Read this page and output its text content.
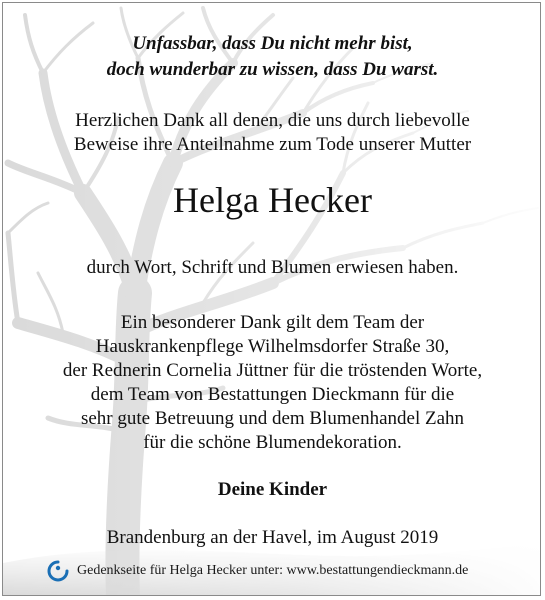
Unfassbar, dass Du nicht mehr bist,
doch wunderbar zu wissen, dass Du warst.
Herzlichen Dank all denen, die uns durch liebevolle
Beweise ihre Anteilnahme zum Tode unserer Mutter
Helga Hecker
durch Wort, Schrift und Blumen erwiesen haben.
Ein besonderer Dank gilt dem Team der
Hauskrankenpflege Wilhelmsdorfer Straße 30,
der Rednerin Cornelia Jüttner für die tröstenden Worte,
dem Team von Bestattungen Dieckmann für die
sehr gute Betreuung und dem Blumenhandel Zahn
für die schöne Blumendekoration.
Deine Kinder
Brandenburg an der Havel, im August 2019
Gedenkseite für Helga Hecker unter: www.bestattungendieckmann.de
